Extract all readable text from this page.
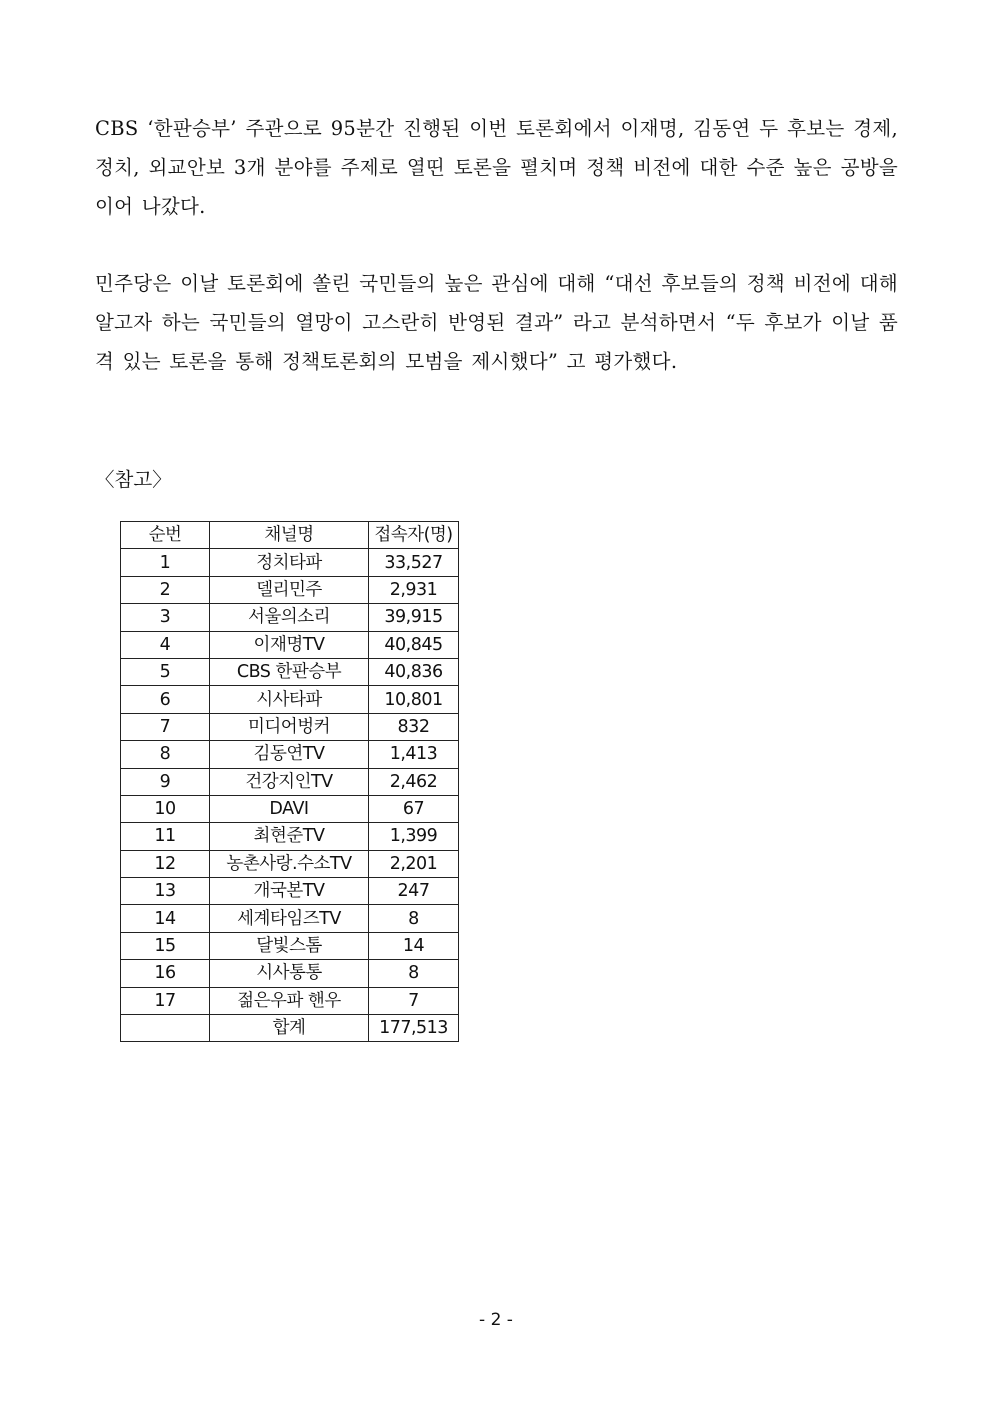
CBS ‘한판승부’ 주관으로 95분간 진행된 이번 토론회에서 이재명, 김동연 두 후보는 경제, 정치, 외교안보 3개 분야를 주제로 열띤 토론을 펼치며 정책 비전에 대한 수준 높은 공방을 이어 나갔다.

민주당은 이날 토론회에 쏠린 국민들의 높은 관심에 대해 “대선 후보들의 정책 비전에 대해 알고자 하는 국민들의 열망이 고스란히 반영된 결과” 라고 분석하면서 “두 후보가 이날 품격 있는 토론을 통해 정책토론회의 모범을 제시했다” 고 평가했다.

〈참고〉

순번	채널명	접속자(명)
1	정치타파	33,527
2	델리민주	2,931
3	서울의소리	39,915
4	이재명TV	40,845
5	CBS 한판승부	40,836
6	시사타파	10,801
7	미디어벙커	832
8	김동연TV	1,413
9	건강지인TV	2,462
10	DAVI	67
11	최현준TV	1,399
12	농촌사랑.수소TV	2,201
13	개국본TV	247
14	세계타임즈TV	8
15	달빛스톰	14
16	시사통통	8
17	젊은우파 핸우	7
	합계	177,513

- 2 -
